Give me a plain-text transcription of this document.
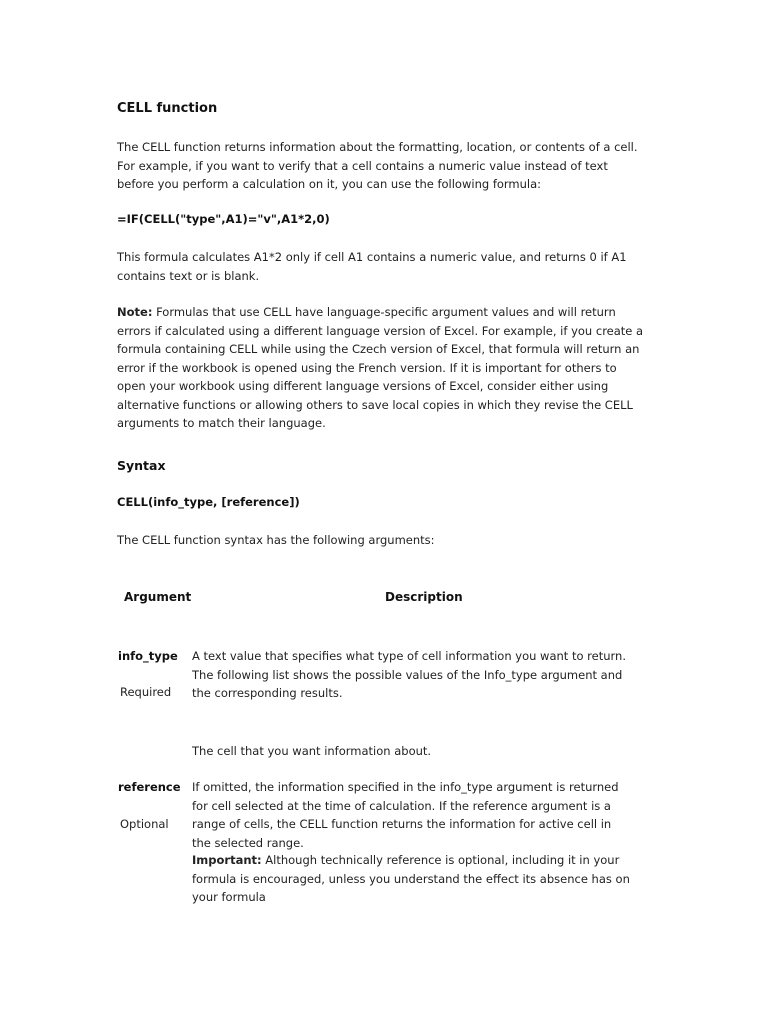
CELL function
The CELL function returns information about the formatting, location, or contents of a cell. For example, if you want to verify that a cell contains a numeric value instead of text before you perform a calculation on it, you can use the following formula:
=IF(CELL("type",A1)="v",A1*2,0)
This formula calculates A1*2 only if cell A1 contains a numeric value, and returns 0 if A1 contains text or is blank.
Note: Formulas that use CELL have language-specific argument values and will return errors if calculated using a different language version of Excel. For example, if you create a formula containing CELL while using the Czech version of Excel, that formula will return an error if the workbook is opened using the French version. If it is important for others to open your workbook using different language versions of Excel, consider either using alternative functions or allowing others to save local copies in which they revise the CELL arguments to match their language.
Syntax
CELL(info_type, [reference])
The CELL function syntax has the following arguments:
Argument	Description
info_type
Required
A text value that specifies what type of cell information you want to return. The following list shows the possible values of the Info_type argument and the corresponding results.
The cell that you want information about.
reference
Optional
If omitted, the information specified in the info_type argument is returned for cell selected at the time of calculation. If the reference argument is a range of cells, the CELL function returns the information for active cell in the selected range.
Important: Although technically reference is optional, including it in your formula is encouraged, unless you understand the effect its absence has on your formula
